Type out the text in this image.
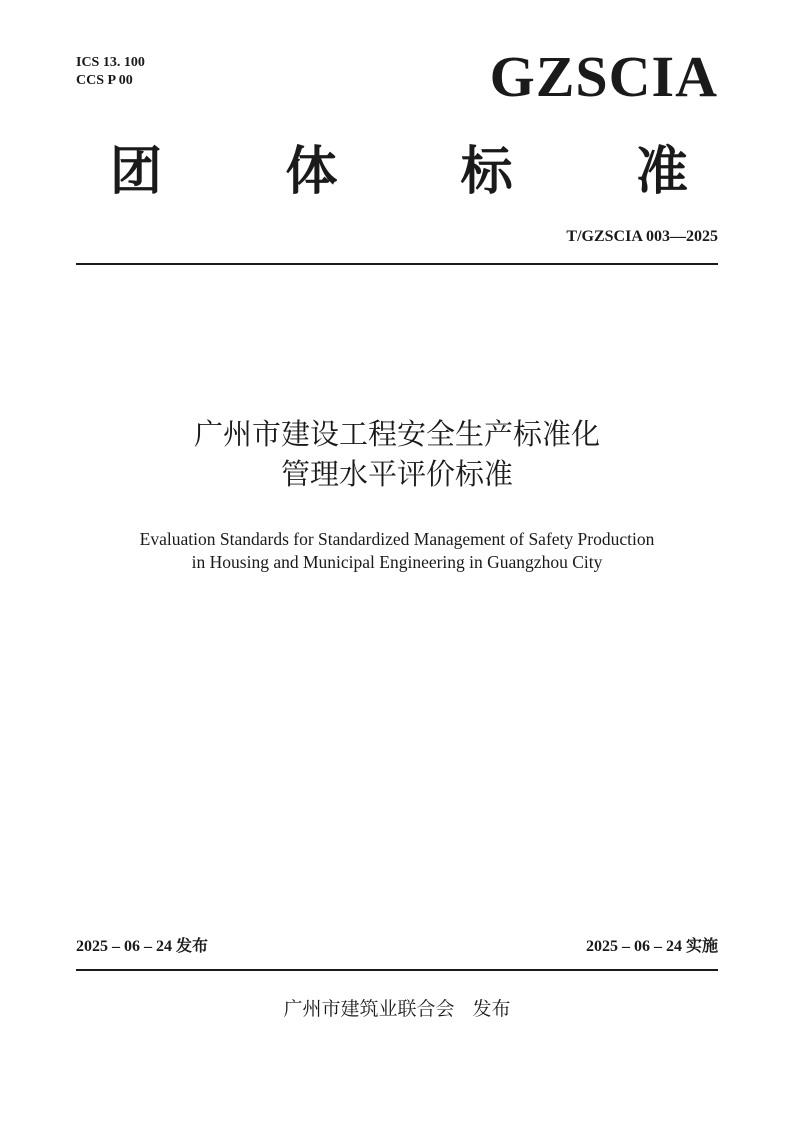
ICS 13. 100
CCS P 00	GZSCIA
团 体 标 准
T/GZSCIA 003—2025
广州市建设工程安全生产标准化
管理水平评价标准
Evaluation Standards for Standardized Management of Safety Production
in Housing and Municipal Engineering in Guangzhou City
2025 – 06 – 24 发布	2025 – 06 – 24 实施
广州市建筑业联合会   发布
